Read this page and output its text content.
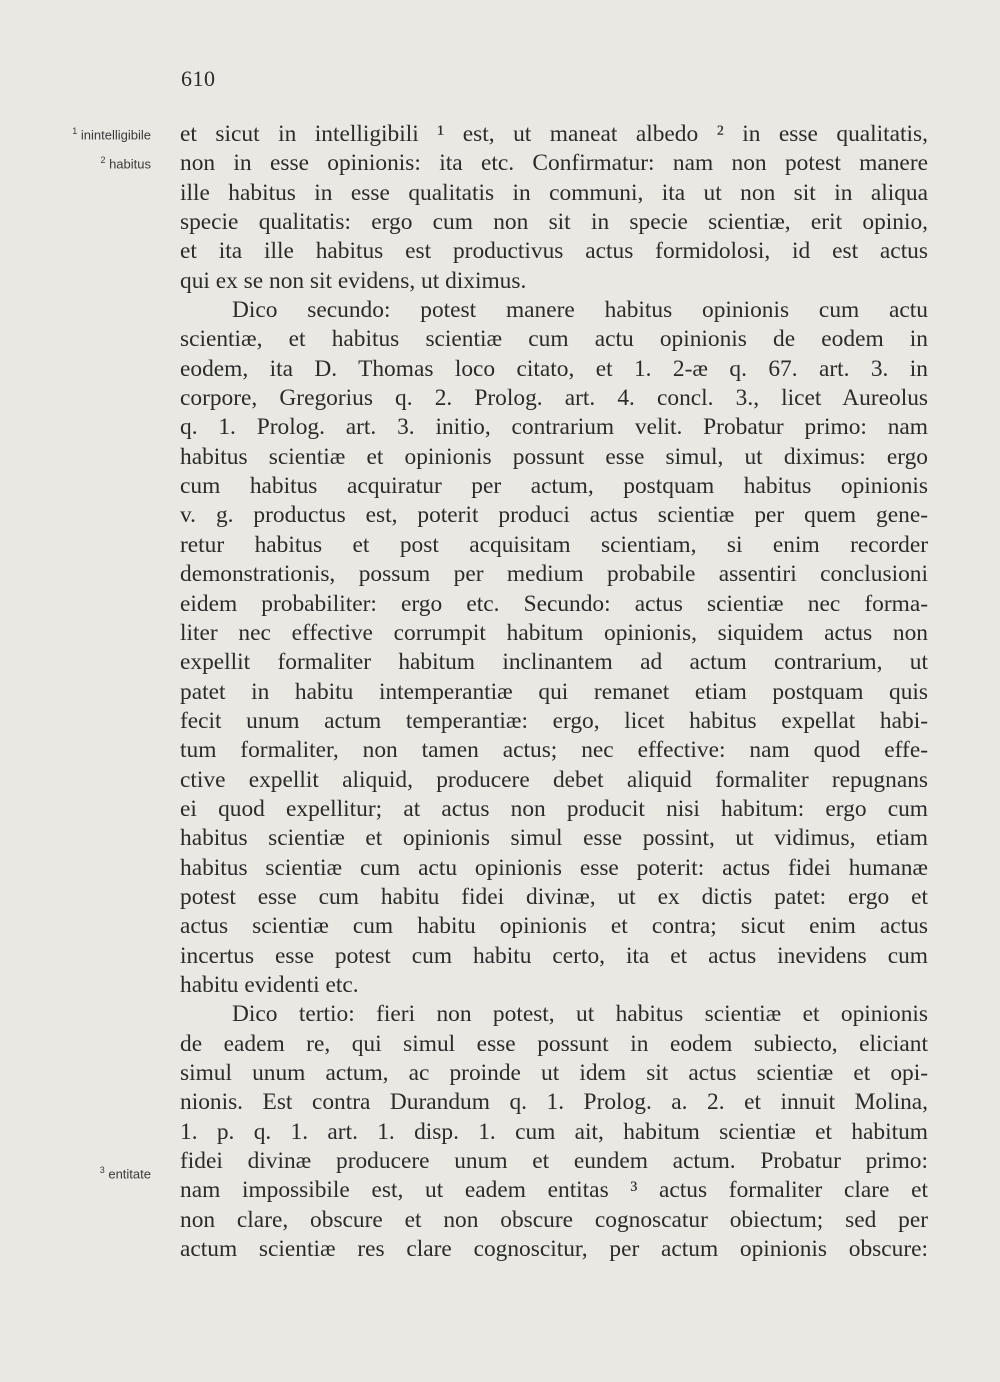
610
$^1$ inintelligibile
$^2$ habitus
$^3$ entitate
et sicut in intelligibili ¹ est, ut maneat albedo ² in esse qualitatis,
non in esse opinionis: ita etc. Confirmatur: nam non potest manere
ille habitus in esse qualitatis in communi, ita ut non sit in aliqua
specie qualitatis: ergo cum non sit in specie scientiæ, erit opinio,
et ita ille habitus est productivus actus formidolosi, id est actus
qui ex se non sit evidens, ut diximus.
Dico secundo: potest manere habitus opinionis cum actu
scientiæ, et habitus scientiæ cum actu opinionis de eodem in
eodem, ita D. Thomas loco citato, et 1. 2-æ q. 67. art. 3. in
corpore, Gregorius q. 2. Prolog. art. 4. concl. 3., licet Aureolus
q. 1. Prolog. art. 3. initio, contrarium velit. Probatur primo: nam
habitus scientiæ et opinionis possunt esse simul, ut diximus: ergo
cum habitus acquiratur per actum, postquam habitus opinionis
v. g. productus est, poterit produci actus scientiæ per quem gene-
retur habitus et post acquisitam scientiam, si enim recorder
demonstrationis, possum per medium probabile assentiri conclusioni
eidem probabiliter: ergo etc. Secundo: actus scientiæ nec forma-
liter nec effective corrumpit habitum opinionis, siquidem actus non
expellit formaliter habitum inclinantem ad actum contrarium, ut
patet in habitu intemperantiæ qui remanet etiam postquam quis
fecit unum actum temperantiæ: ergo, licet habitus expellat habi-
tum formaliter, non tamen actus; nec effective: nam quod effe-
ctive expellit aliquid, producere debet aliquid formaliter repugnans
ei quod expellitur; at actus non producit nisi habitum: ergo cum
habitus scientiæ et opinionis simul esse possint, ut vidimus, etiam
habitus scientiæ cum actu opinionis esse poterit: actus fidei humanæ
potest esse cum habitu fidei divinæ, ut ex dictis patet: ergo et
actus scientiæ cum habitu opinionis et contra; sicut enim actus
incertus esse potest cum habitu certo, ita et actus inevidens cum
habitu evidenti etc.
Dico tertio: fieri non potest, ut habitus scientiæ et opinionis
de eadem re, qui simul esse possunt in eodem subiecto, eliciant
simul unum actum, ac proinde ut idem sit actus scientiæ et opi-
nionis. Est contra Durandum q. 1. Prolog. a. 2. et innuit Molina,
1. p. q. 1. art. 1. disp. 1. cum ait, habitum scientiæ et habitum
fidei divinæ producere unum et eundem actum. Probatur primo:
nam impossibile est, ut eadem entitas ³ actus formaliter clare et
non clare, obscure et non obscure cognoscatur obiectum; sed per
actum scientiæ res clare cognoscitur, per actum opinionis obscure:
